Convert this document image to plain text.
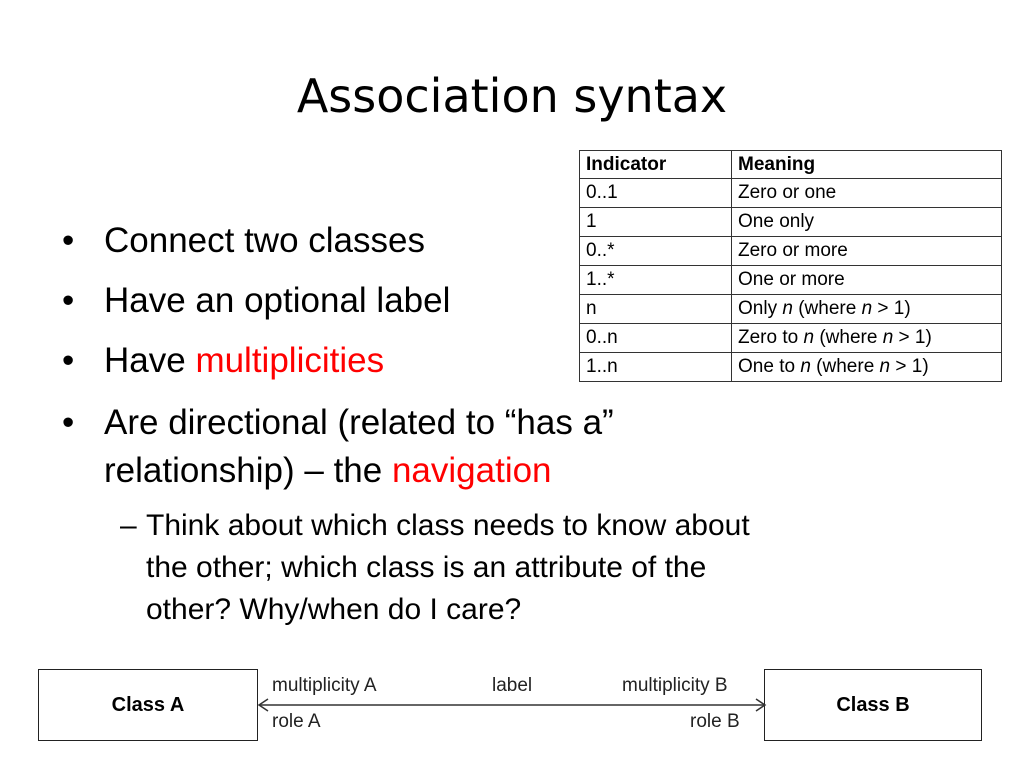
Association syntax
Indicator	Meaning
0..1	Zero or one
1	One only
0..*	Zero or more
1..*	One or more
n	Only n (where n > 1)
0..n	Zero to n (where n > 1)
1..n	One to n (where n > 1)
• Connect two classes
• Have an optional label
• Have multiplicities
• Are directional (related to “has a”
relationship) – the navigation
– Think about which class needs to know about
the other; which class is an attribute of the
other? Why/when do I care?
Class A	Class B
multiplicity A	label	multiplicity B
role A	role B
